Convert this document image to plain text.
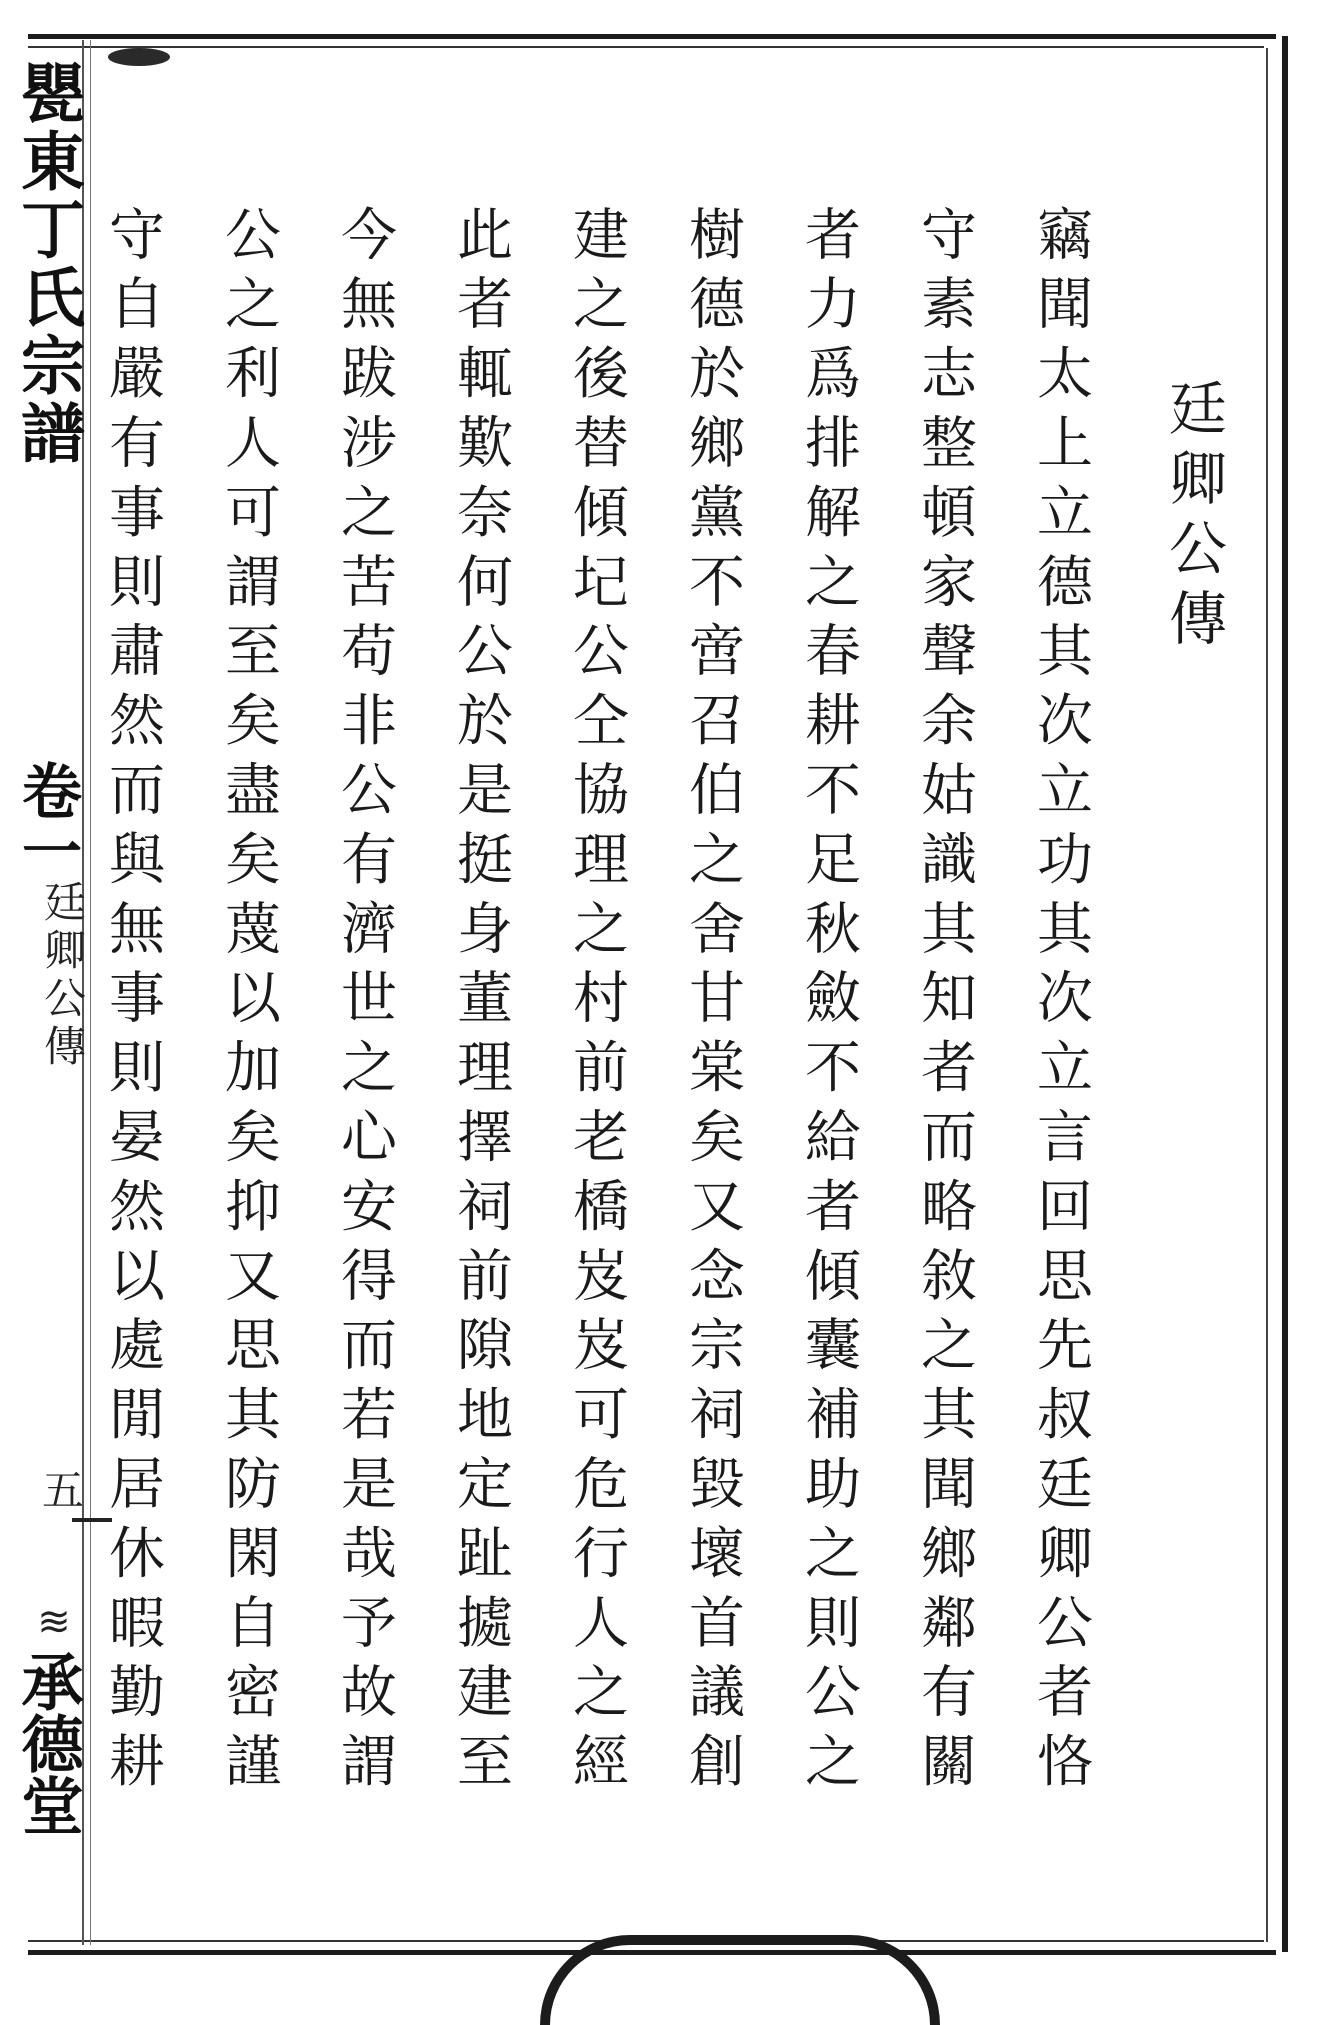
甖東丁氏宗譜
卷一
廷卿公傳
五
≋
承德堂
廷卿公傳
竊聞太上立德其次立功其次立言回思先叔廷卿公者恪
守素志整頓家聲余姑識其知者而略敘之其聞鄉鄰有關
者力爲排解之春耕不足秋斂不給者傾囊補助之則公之
樹德於鄉黨不啻召伯之舍甘棠矣又念宗祠毀壞首議創
建之後替傾圮公仝協理之村前老橋岌岌可危行人之經
此者輒歎奈何公於是挺身董理擇祠前隙地定趾㨿建至
今無跋涉之苦苟非公有濟世之心安得而若是哉予故謂
公之利人可謂至矣盡矣蔑以加矣抑又思其防閑自密謹
守自嚴有事則肅然而與無事則晏然以處閒居休暇勤耕
